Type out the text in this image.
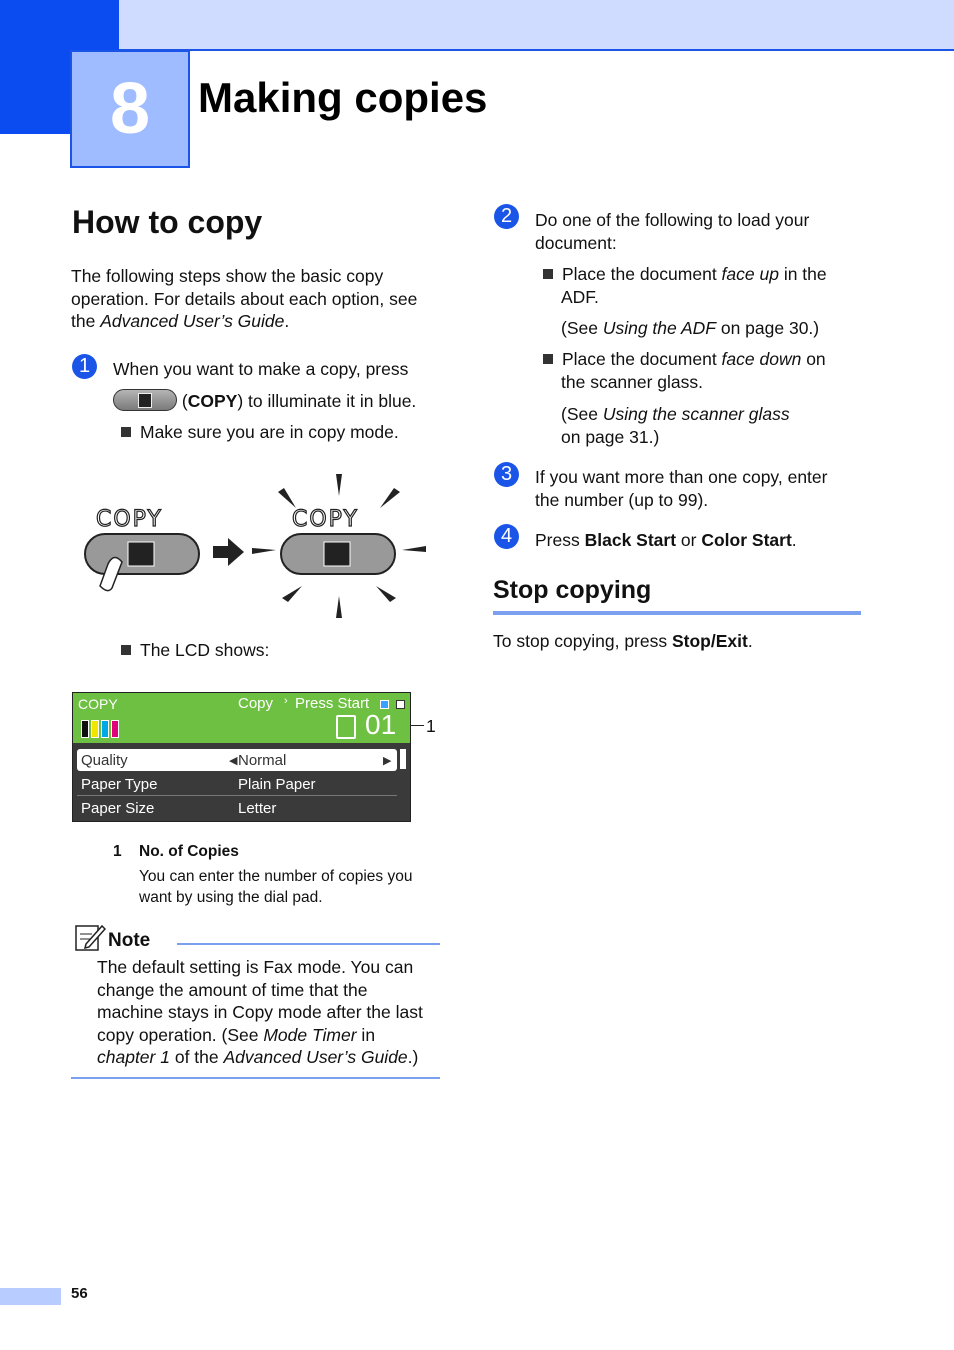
8	Making copies
How to copy
The following steps show the basic copy
operation. For details about each option, see
the Advanced User’s Guide.
1	When you want to make a copy, press
(COPY) to illuminate it in blue.
Make sure you are in copy mode.
COPY	COPY
The LCD shows:
COPY	Copy › Press Start
01
Quality	◀ Normal	▶
Paper Type	Plain Paper
Paper Size	Letter
1
1 No. of Copies
You can enter the number of copies you
want by using the dial pad.
Note
The default setting is Fax mode. You can
change the amount of time that the
machine stays in Copy mode after the last
copy operation. (See Mode Timer in
chapter 1 of the Advanced User’s Guide.)
2	Do one of the following to load your
document:
Place the document face up in the
ADF.
(See Using the ADF on page 30.)
Place the document face down on
the scanner glass.
(See Using the scanner glass
on page 31.)
3	If you want more than one copy, enter
the number (up to 99).
4	Press Black Start or Color Start.
Stop copying
To stop copying, press Stop/Exit.
56
